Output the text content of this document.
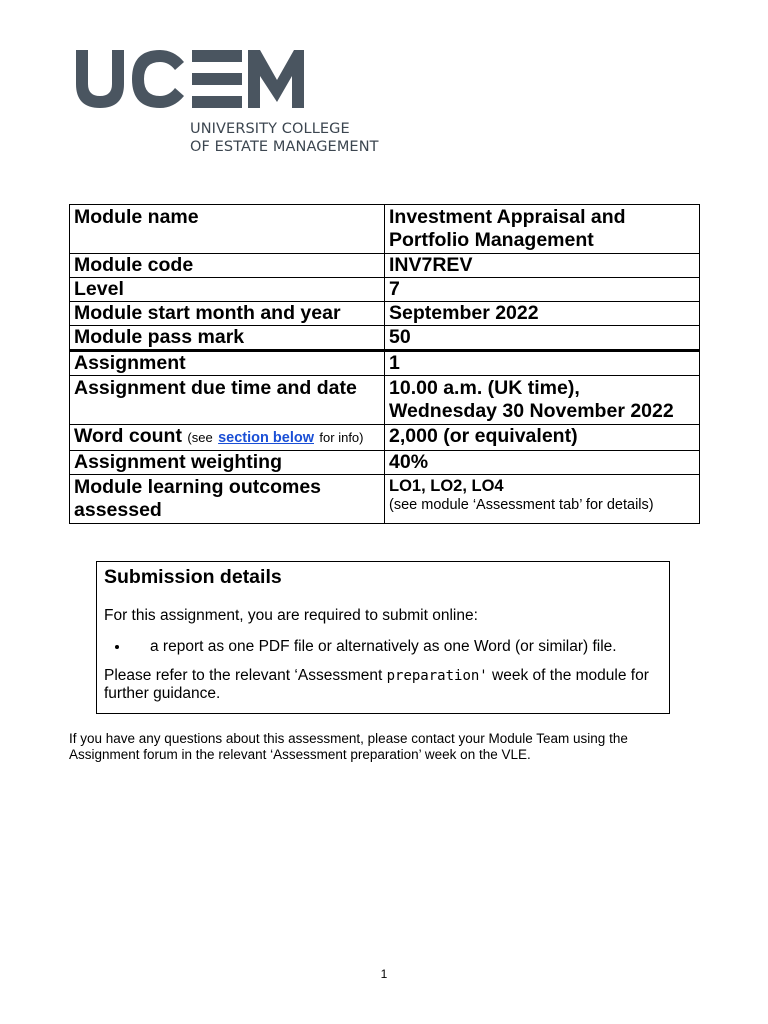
UNIVERSITY COLLEGE
OF ESTATE MANAGEMENT
Module name	Investment Appraisal and
Portfolio Management
Module code	INV7REV
Level	7
Module start month and year	September 2022
Module pass mark	50
Assignment	1
Assignment due time and date	10.00 a.m. (UK time),
Wednesday 30 November 2022
Word count (see section below for info)	2,000 (or equivalent)
Assignment weighting	40%
Module learning outcomes
assessed	LO1, LO2, LO4
(see module ‘Assessment tab’ for details)

Submission details

For this assignment, you are required to submit online:

• a report as one PDF file or alternatively as one Word (or similar) file.

Please refer to the relevant ‘Assessment preparation' week of the module for further guidance.

If you have any questions about this assessment, please contact your Module Team using the Assignment forum in the relevant ‘Assessment preparation’ week on the VLE.

1
